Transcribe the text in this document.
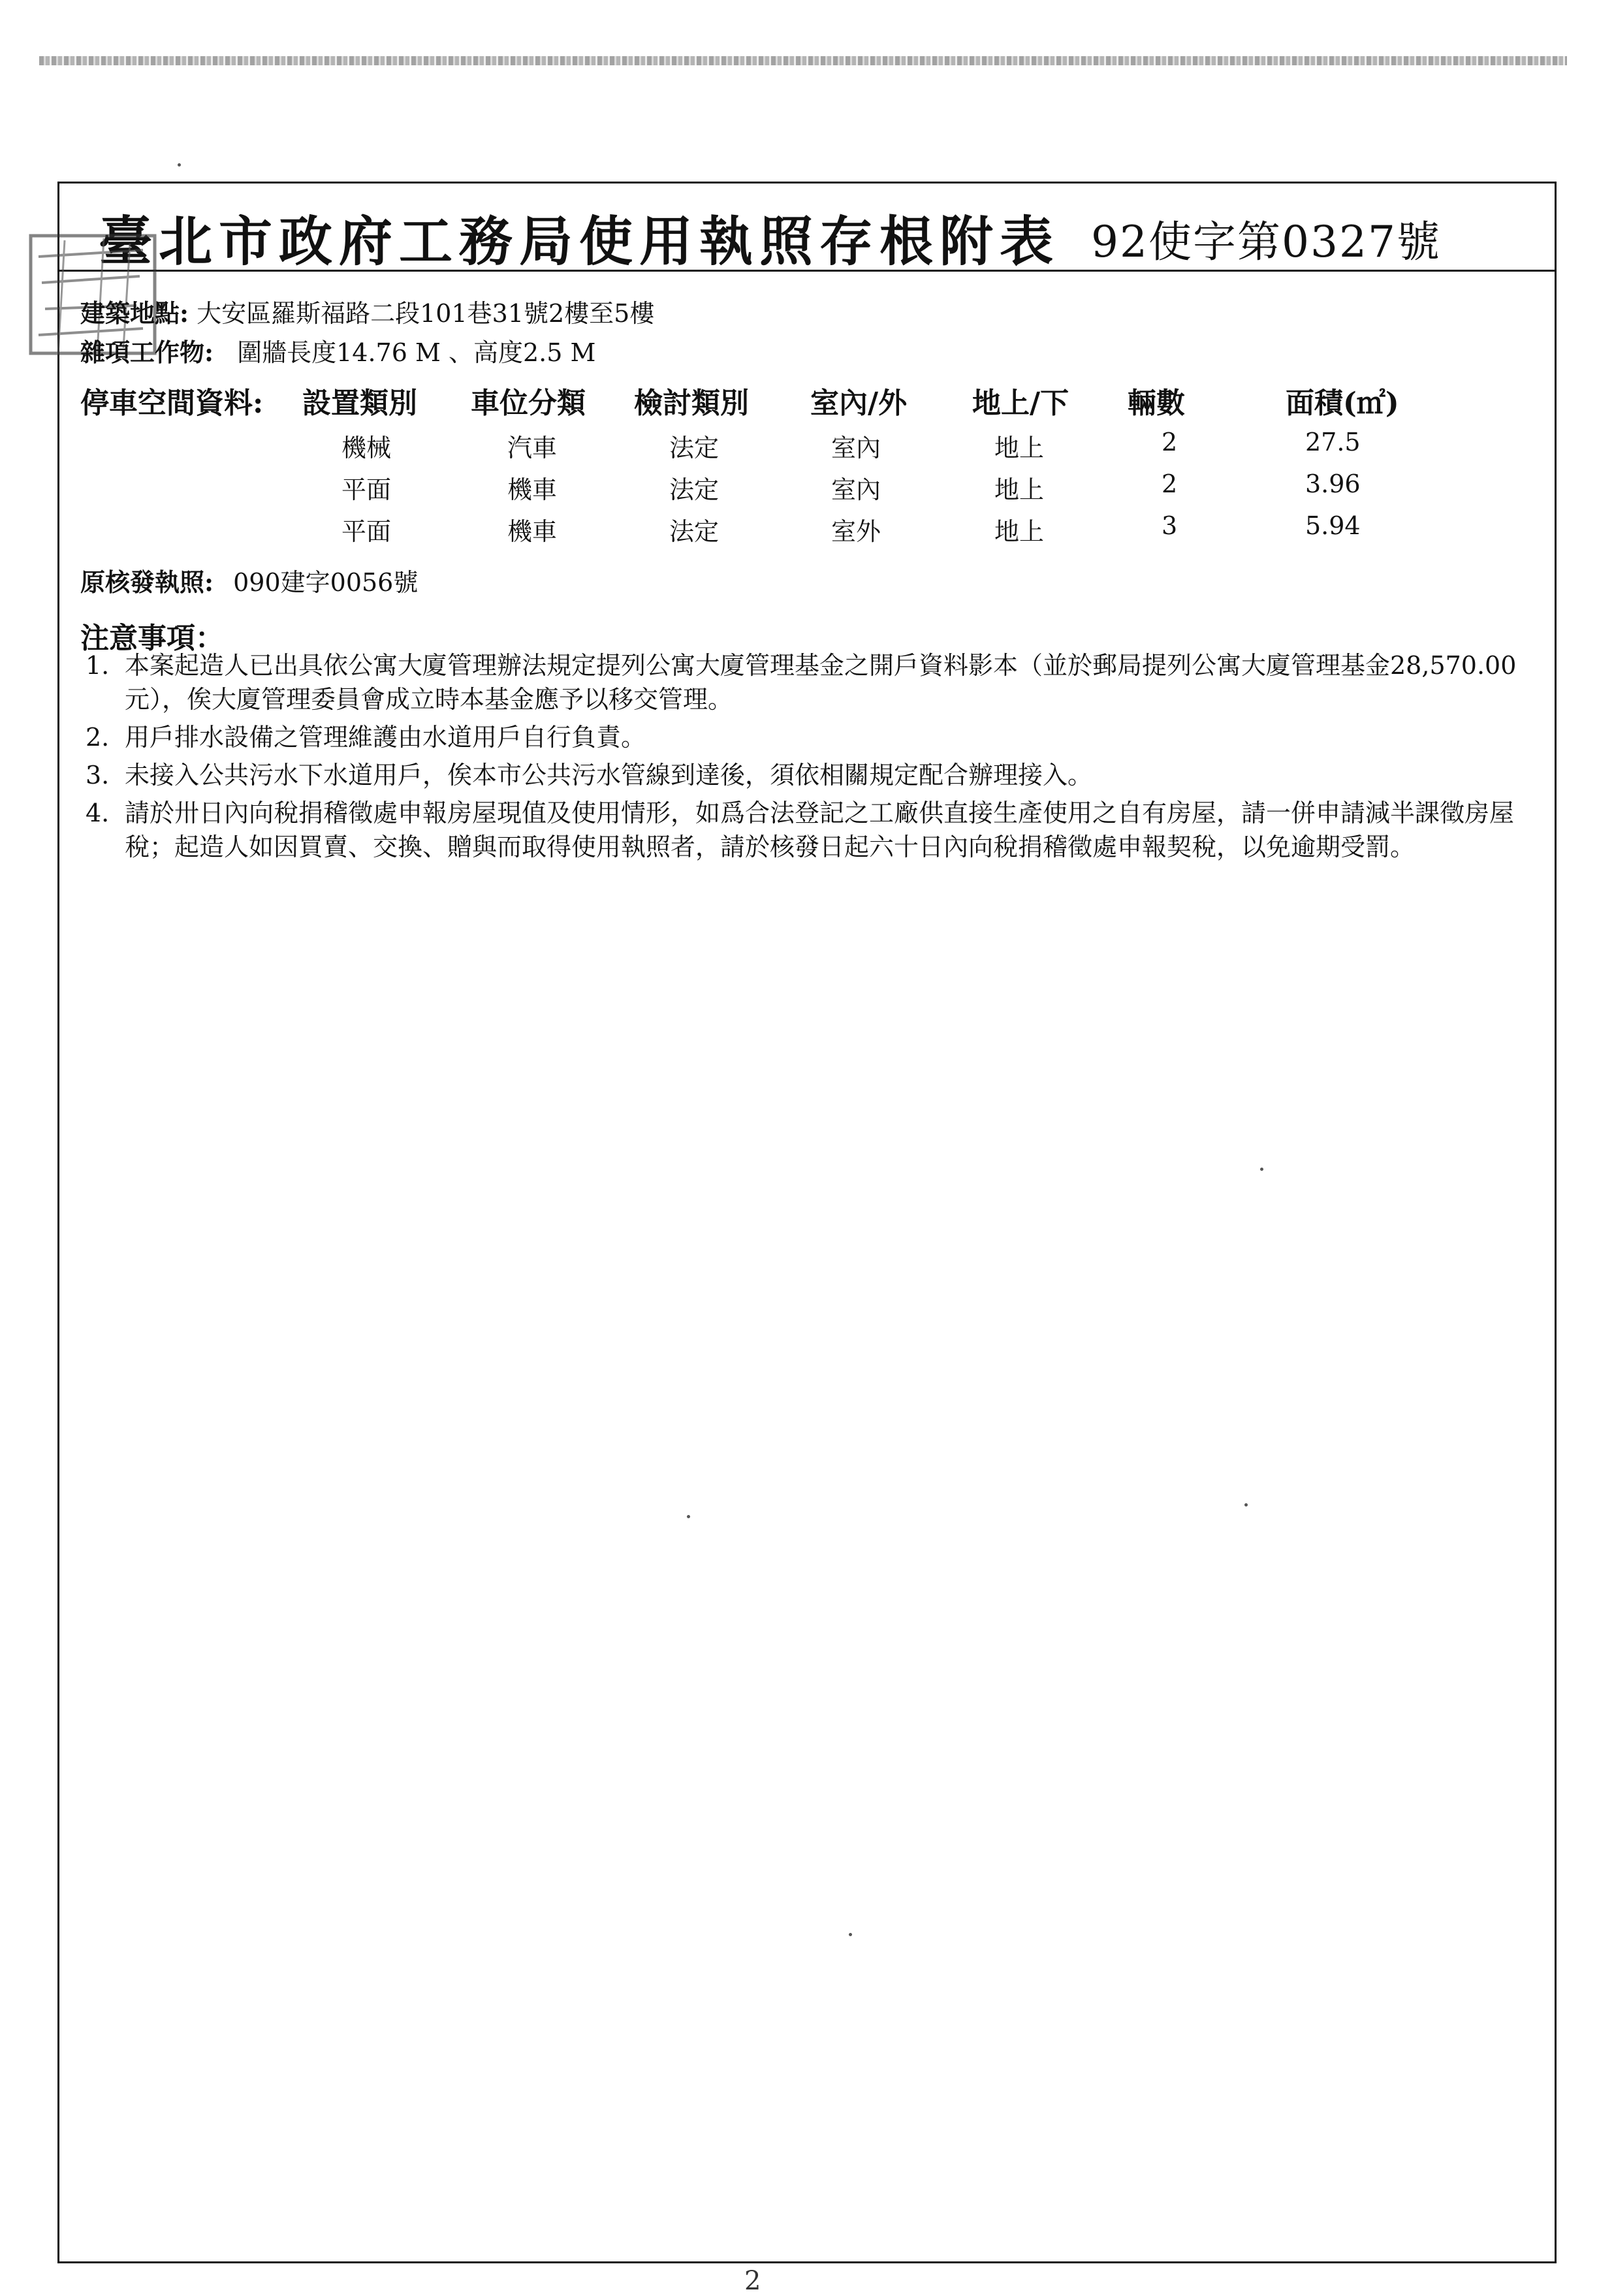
臺北市政府工務局使用執照存根附表 92使字第0327號
建築地點: 大安區羅斯福路二段101巷31號2樓至5樓
雜項工作物: 圍牆長度14.76 M 、高度2.5 M
停車空間資料: 設置類別 車位分類 檢討類別 室內/外 地上/下 輛數	面積(㎡)
機械	汽車	法定	室內	地上	2	27.5
平面	機車	法定	室內	地上	2	3.96
平面	機車	法定	室外	地上	3	5.94
原核發執照: 090建字0056號
注意事項：
1. 本案起造人已出具依公寓大廈管理辦法規定提列公寓大廈管理基金之開戶資料影本（並於郵局提列公寓大廈管理基金28,570.00元），俟大廈管理委員會成立時本基金應予以移交管理。
2. 用戶排水設備之管理維護由水道用戶自行負責。
3. 未接入公共污水下水道用戶，俟本市公共污水管線到達後，須依相關規定配合辦理接入。
4. 請於卅日內向稅捐稽徵處申報房屋現值及使用情形，如爲合法登記之工廠供直接生產使用之自有房屋，請一併申請減半課徵房屋稅；起造人如因買賣、交換、贈與而取得使用執照者，請於核發日起六十日內向稅捐稽徵處申報契稅，以免逾期受罰。
2
